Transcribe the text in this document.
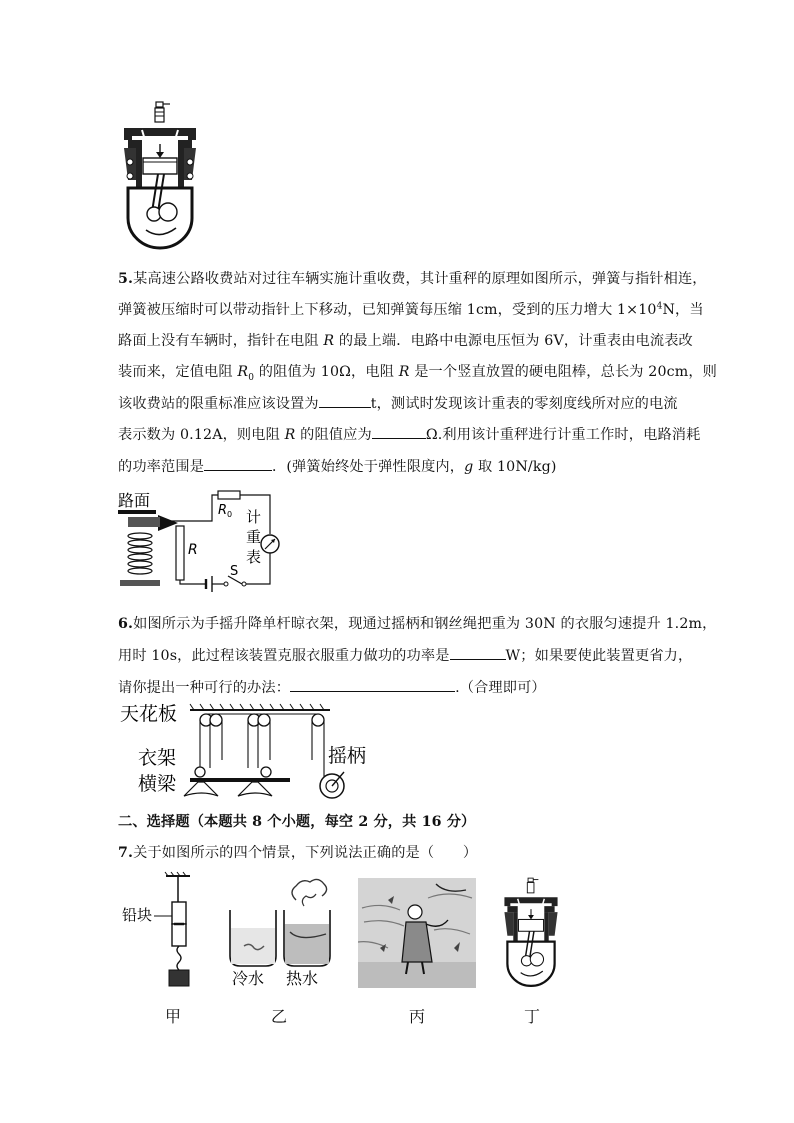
5.某高速公路收费站对过往车辆实施计重收费，其计重秤的原理如图所示，弹簧与指针相连，
弹簧被压缩时可以带动指针上下移动，已知弹簧每压缩 1cm，受到的压力增大 $1\times 10^4N$，当
路面上没有车辆时，指针在电阻 R 的最上端．电路中电源电压恒为 6V，计重表由电流表改
装而来，定值电阻 $R_0$ 的阻值为 10Ω，电阻 R 是一个竖直放置的硬电阻棒，总长为 20cm，则
该收费站的限重标准应该设置为	t，测试时发现该计重表的零刻度线所对应的电流
表示数为 0.12A，则电阻 R 的阻值应为	Ω.利用该计重秤进行计重工作时，电路消耗
的功率范围是	．(弹簧始终处于弹性限度内，g 取 10N/kg)
路面
R
R 0 计
重
表
S
6.如图所示为手摇升降单杆晾衣架，现通过摇柄和钢丝绳把重为 30N 的衣服匀速提升 1.2m，
用时 10s，此过程该装置克服衣服重力做功的功率是	W；如果要使此装置更省力，
请你提出一种可行的办法：	.（合理即可）
天花板
衣架
横梁
摇柄
二、选择题（本题共 8 个小题，每空 2 分，共 16 分）
7.关于如图所示的四个情景，下列说法正确的是（　　）
铅块
甲
冷水 热水
乙	丙	丁
